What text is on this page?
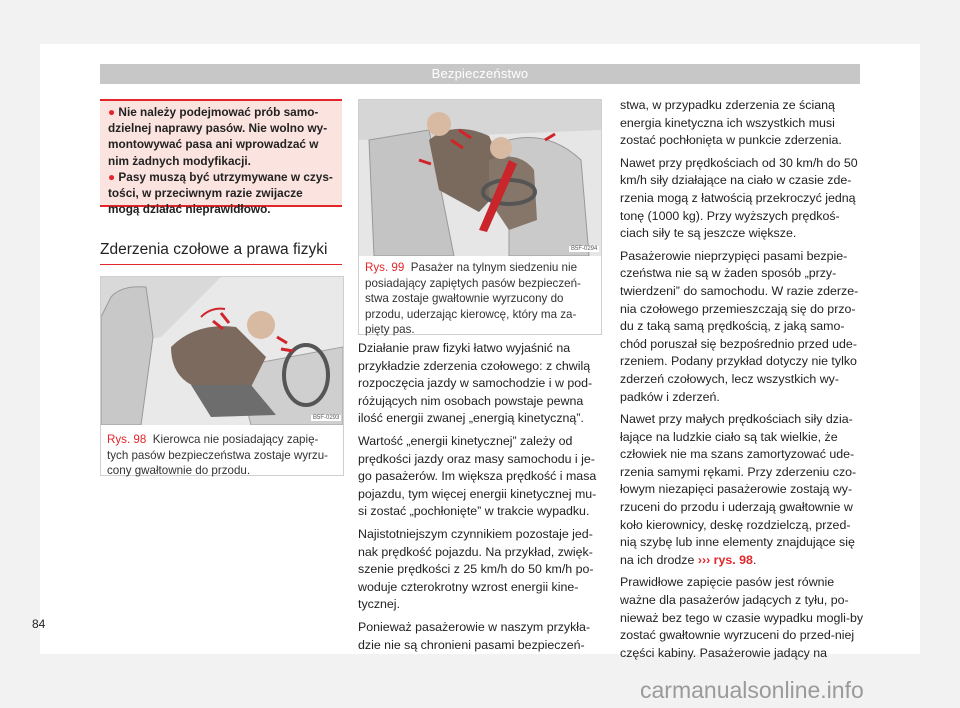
Bezpieczeństwo

● Nie należy podejmować prób samo-dzielnej naprawy pasów. Nie wolno wy-montowywać pasa ani wprowadzać w nim żadnych modyfikacji.

● Pasy muszą być utrzymywane w czys-tości, w przeciwnym razie zwijacze mogą działać nieprawidłowo.

Zderzenia czołowe a prawa fizyki
B5F-0293
Rys. 98 Kierowca nie posiadający zapię-tych pasów bezpieczeństwa zostaje wyrzu-cony gwałtownie do przodu.
B5F-0294
Rys. 99 Pasażer na tylnym siedzeniu nie posiadający zapiętych pasów bezpieczeń-stwa zostaje gwałtownie wyrzucony do przodu, uderzając kierowcę, który ma za-pięty pas.

Działanie praw fizyki łatwo wyjaśnić na przykładzie zderzenia czołowego: z chwilą rozpoczęcia jazdy w samochodzie i w pod-różujących nim osobach powstaje pewna ilość energii zwanej „energią kinetyczną”.

Wartość „energii kinetycznej” zależy od prędkości jazdy oraz masy samochodu i je-go pasażerów. Im większa prędkość i masa pojazdu, tym więcej energii kinetycznej mu-si zostać „pochłonięte” w trakcie wypadku.

Najistotniejszym czynnikiem pozostaje jed-nak prędkość pojazdu. Na przykład, zwięk-szenie prędkości z 25 km/h do 50 km/h po-woduje czterokrotny wzrost energii kine-tycznej.

Ponieważ pasażerowie w naszym przykła-dzie nie są chronieni pasami bezpieczeń-

stwa, w przypadku zderzenia ze ścianą energia kinetyczna ich wszystkich musi zostać pochłonięta w punkcie zderzenia.

Nawet przy prędkościach od 30 km/h do 50 km/h siły działające na ciało w czasie zde-rzenia mogą z łatwością przekroczyć jedną tonę (1000 kg). Przy wyższych prędkoś-ciach siły te są jeszcze większe.

Pasażerowie nieprzypięci pasami bezpie-czeństwa nie są w żaden sposób „przy-twierdzeni” do samochodu. W razie zderze-nia czołowego przemieszczają się do przo-du z taką samą prędkością, z jaką samo-chód poruszał się bezpośrednio przed ude-rzeniem. Podany przykład dotyczy nie tylko zderzeń czołowych, lecz wszystkich wy-padków i zderzeń.

Nawet przy małych prędkościach siły dzia-łające na ludzkie ciało są tak wielkie, że człowiek nie ma szans zamortyzować ude-rzenia samymi rękami. Przy zderzeniu czo-łowym niezapięci pasażerowie zostają wy-rzuceni do przodu i uderzają gwałtownie w koło kierownicy, deskę rozdzielczą, przed-nią szybę lub inne elementy znajdujące się na ich drodze ››› rys. 98.

Prawidłowe zapięcie pasów jest równie ważne dla pasażerów jadących z tyłu, po-nieważ bez tego w czasie wypadku mogli-by zostać gwałtownie wyrzuceni do przed-niej części kabiny. Pasażerowie jadący na

84
carmanualsonline.info
